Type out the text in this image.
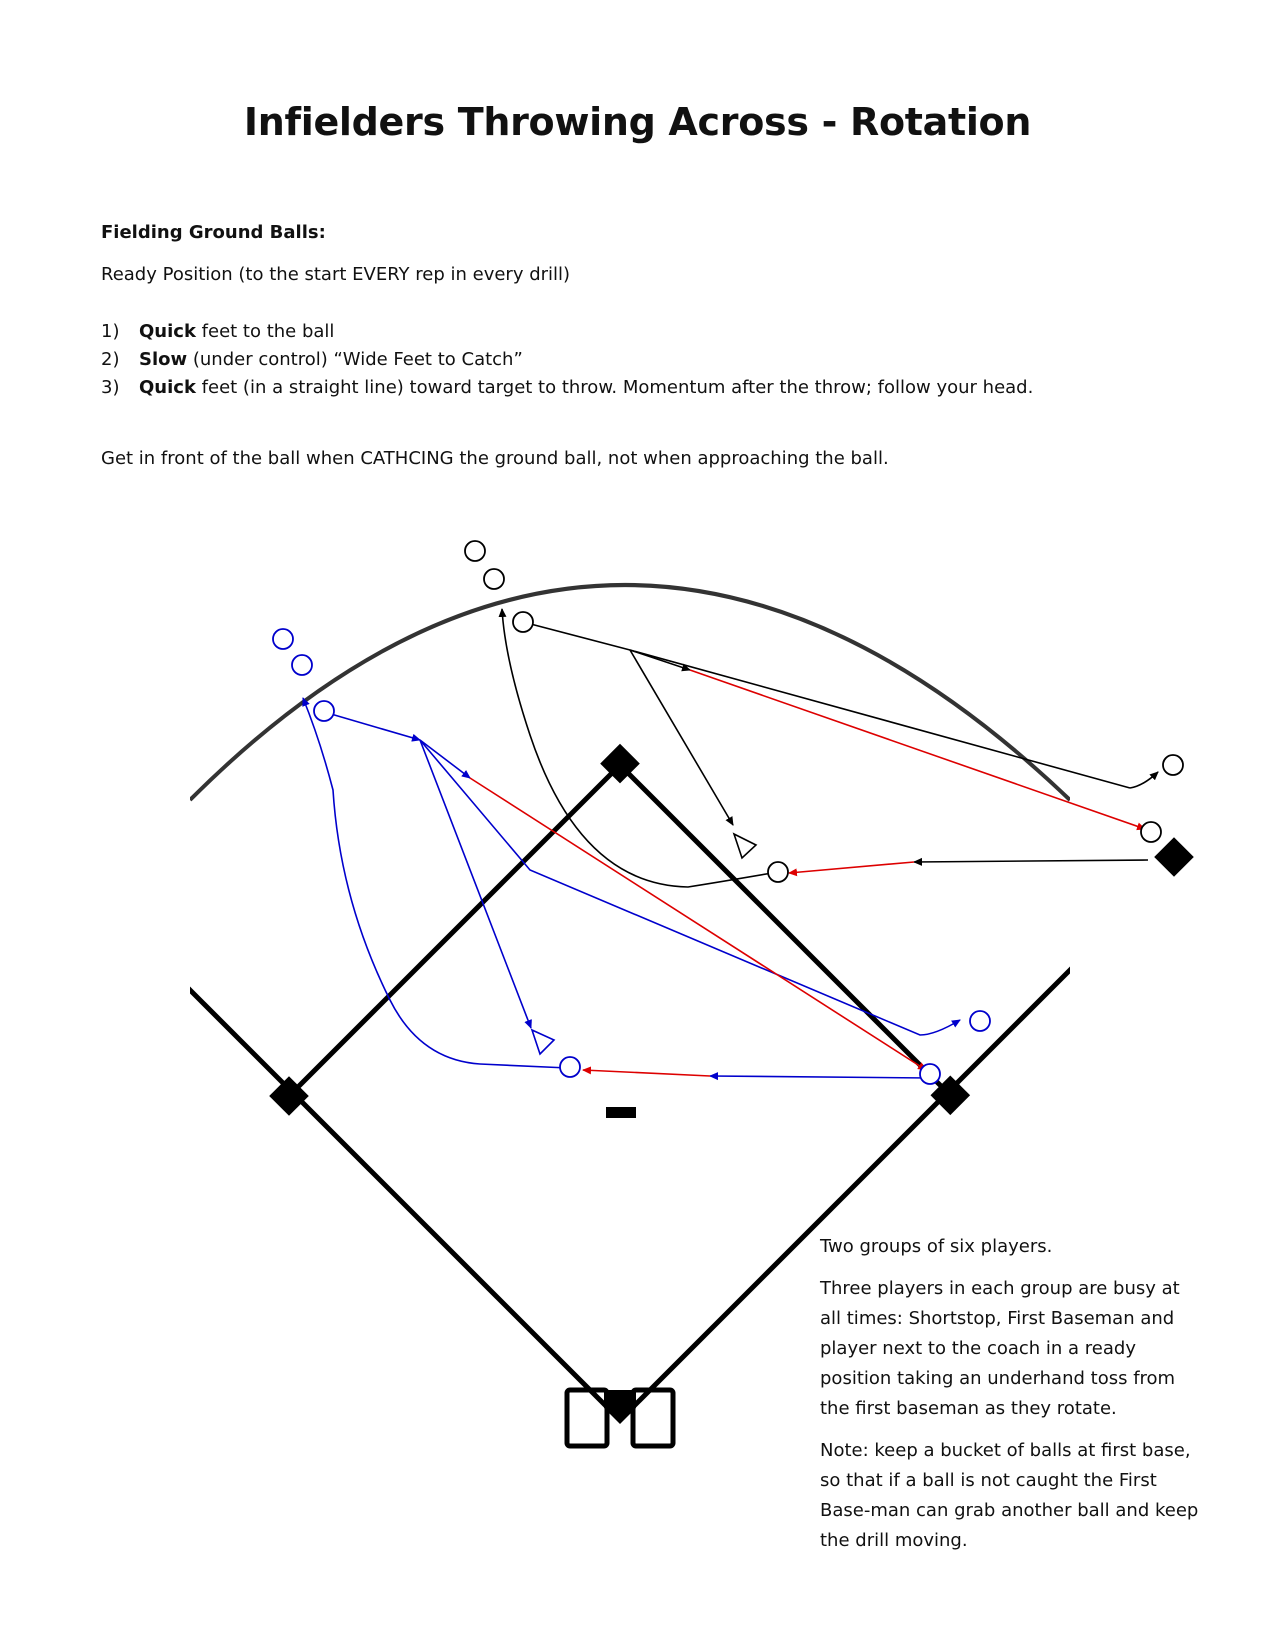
Infielders Throwing Across - Rotation
Fielding Ground Balls:

Ready Position (to the start EVERY rep in every drill)

1) Quick feet to the ball
2) Slow (under control) “Wide Feet to Catch”
3) Quick feet (in a straight line) toward target to throw. Momentum after the throw; follow your head.

Get in front of the ball when CATHCING the ground ball, not when approaching the ball.

Two groups of six players.

Three players in each group are busy at all times: Shortstop, First Baseman and player next to the coach in a ready position taking an underhand toss from the first baseman as they rotate.

Note: keep a bucket of balls at first base, so that if a ball is not caught the First Base-man can grab another ball and keep the drill moving.
